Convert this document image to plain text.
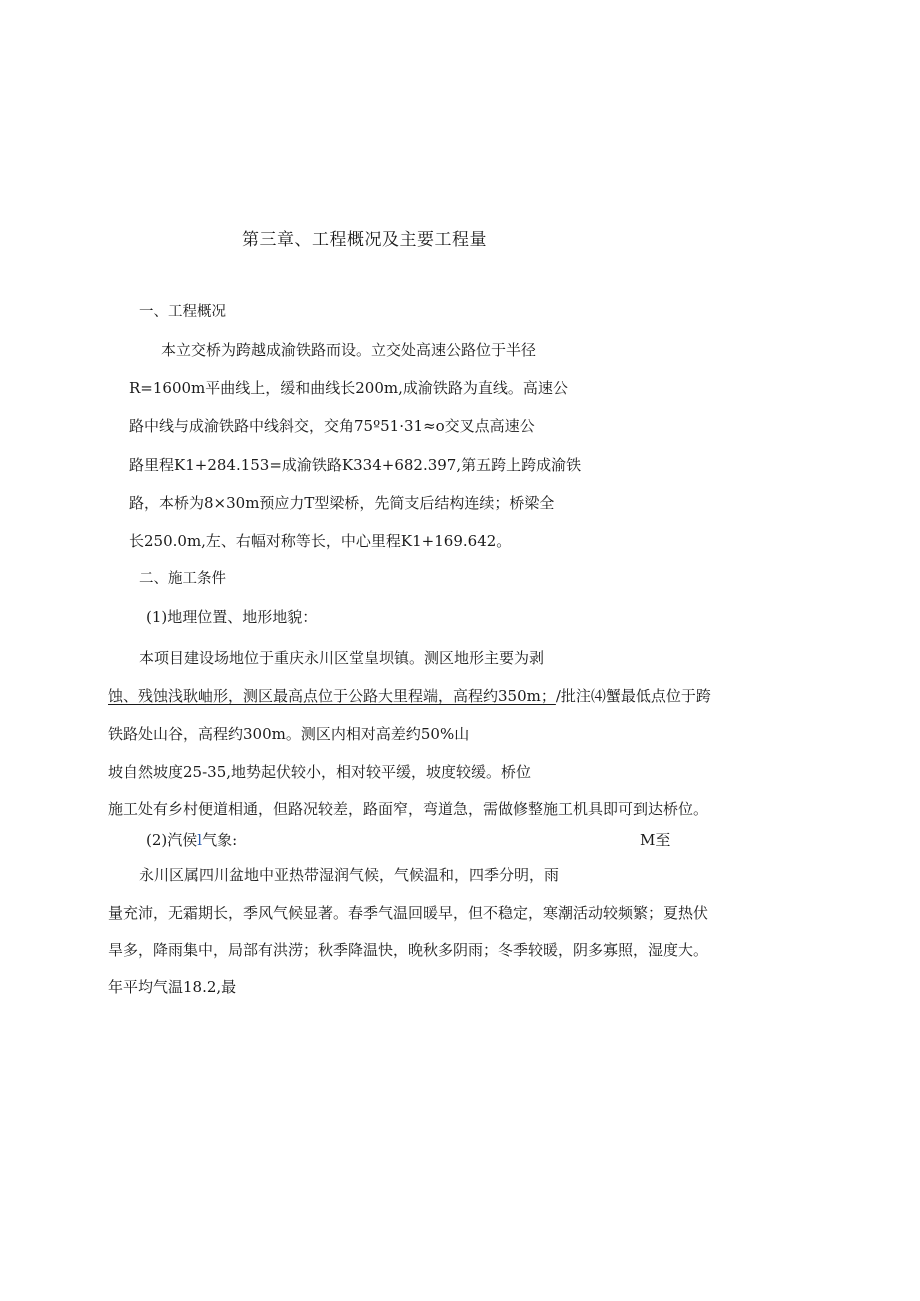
第三章、工程概况及主要工程量
一、工程概况
本立交桥为跨越成渝铁路而设。立交处高速公路位于半径
R=1600m平曲线上，缓和曲线长200m,成渝铁路为直线。高速公
路中线与成渝铁路中线斜交，交角75º51·31≈o交叉点高速公
路里程K1+284.153=成渝铁路K334+682.397,第五跨上跨成渝铁
路，本桥为8×30m预应力T型梁桥，先简支后结构连续；桥梁全
长250.0m,左、右幅对称等长，中心里程K1+169.642。
二、施工条件
(1)地理位置、地形地貌：
本项目建设场地位于重庆永川区堂皇坝镇。测区地形主要为剥
蚀、残蚀浅耿岫形，测区最高点位于公路大里程端，高程约350m；/批注⑷蟹最低点位于跨
铁路处山谷，高程约300m。测区内相对高差约50%山
坡自然坡度25-35,地势起伏较小，相对较平缓，坡度较缓。桥位
施工处有乡村便道相通，但路况较差，路面窄，弯道急，需做修整施工机具即可到达桥位。
(2)汽侯l气象:	M至
永川区属四川盆地中亚热带湿润气候，气候温和，四季分明，雨
量充沛，无霜期长，季风气候显著。春季气温回暖早，但不稳定，寒潮活动较频繁；夏热伏
旱多，降雨集中，局部有洪涝；秋季降温快，晚秋多阴雨；冬季较暖，阴多寡照，湿度大。
年平均气温18.2,最
